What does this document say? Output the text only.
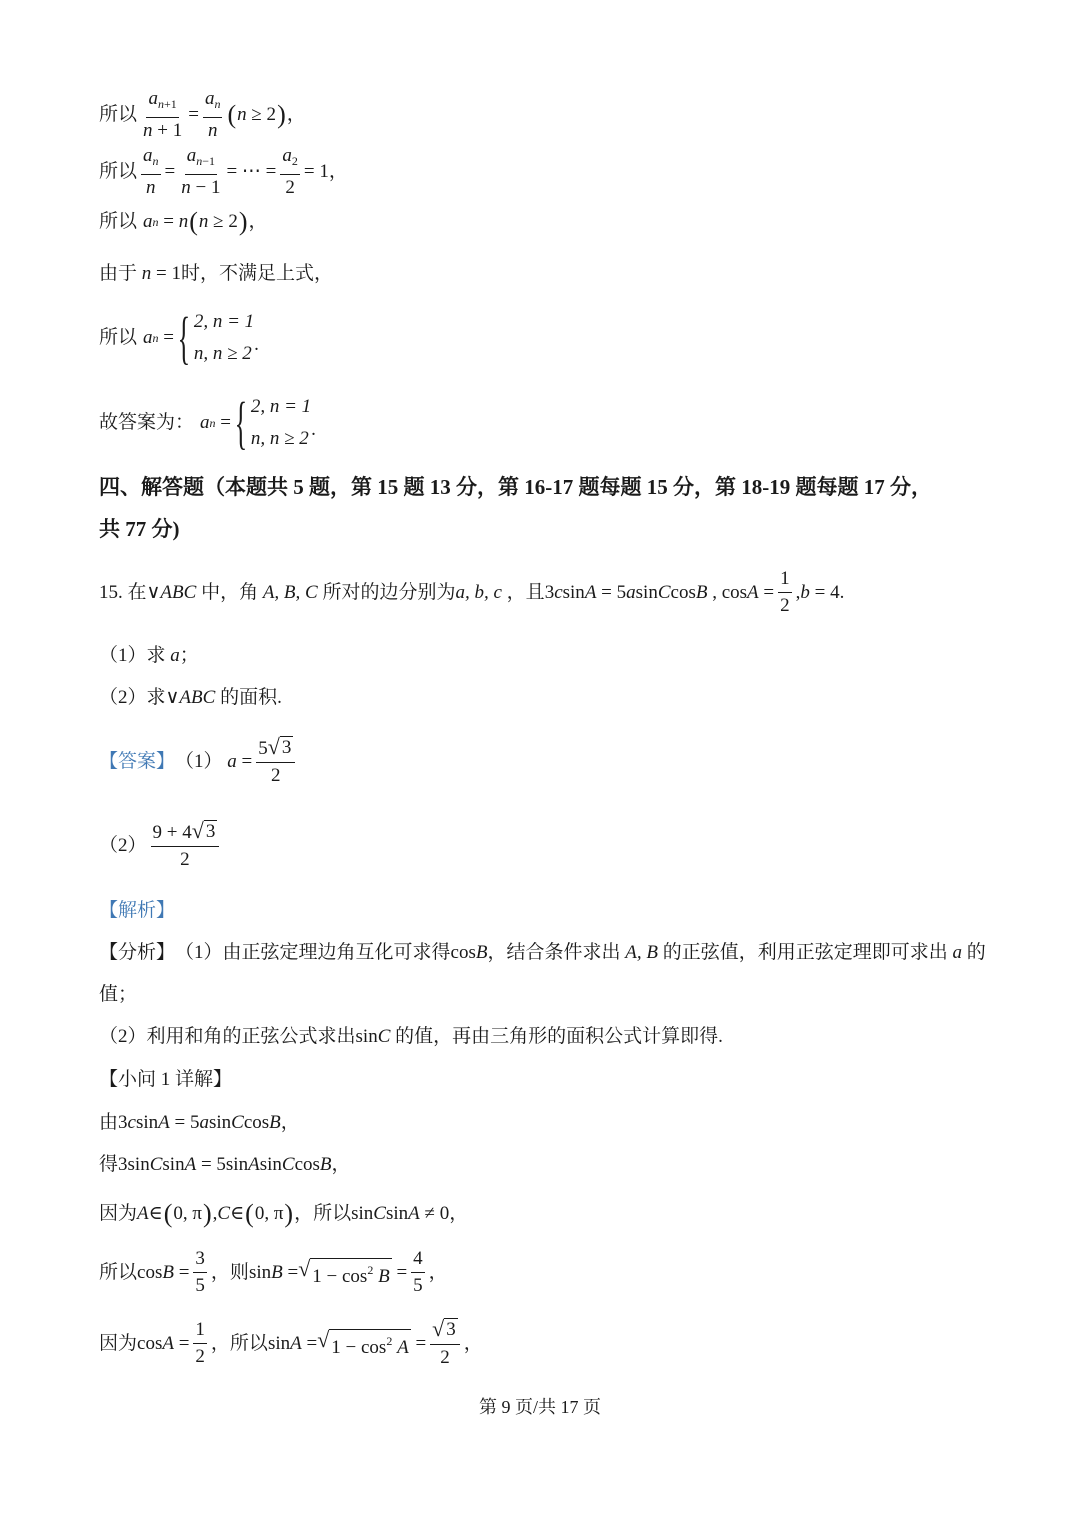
所以 $\frac{a_{n+1}}{n + 1} = \frac{a_n}{n}$ ( n ≥ 2 ) ，
所以 $\frac{a_n}{n} = \frac{a_{n-1}}{n - 1}$ = ⋯ = $\frac{a_2}{2} = 1$ ，
所以 a n = n ( n ≥ 2 ) ，
由于 n = 1 时，不满足上式，
所以 a n = { 2, n = 1
n, n ≥ 2 .
故答案为： a n = { 2, n = 1
n, n ≥ 2 .
四、解答题（本题共 5 题，第 15 题 13 分，第 16-17 题每题 15 分，第 18-19 题每题 17 分，
共 77 分)
15.
在∨ ABC
中，角
A, B, C
所对的边分别为 a, b, c
，且 3 c sin A = 5 a sin C cos B , $\cos A = \frac{1}{2}$ , b = 4 .
（1）求
a ；
（2）求∨ ABC
的面积.
【答案】 （1）
$a = \frac{5 √ 3}{2}$
$(2) \frac{9 + 4 √ 3}{2}$
【解析】
【分析】 （1）由正弦定理边角互化可求得 cos B ，结合条件求出
A, B
的正弦值，利用正弦定理即可求出
a
的
值；
（2）利用和角的正弦公式求出 sin C
的值，再由三角形的面积公式计算即得.
【小问 1 详解】
由 3 c sin A = 5 a sin C cos B ，
得 3sin C sin A = 5sin A sin C cos B ，
因为 A ∈ ( 0, π ) , C ∈ ( 0, π ) ，所以 sin C sin A ≠ 0 ，
所以 $\cos B = \frac{3}{5}$ ，则 sin B = √ $1 - \cos^2 B = \frac{4}{5}$ ，
因为 $\cos A = \frac{1}{2}$ ，所以 sin A = √ $1 - \cos^2 A = \frac{√ 3}{2}$ ，
第 9 页/共 17 页
